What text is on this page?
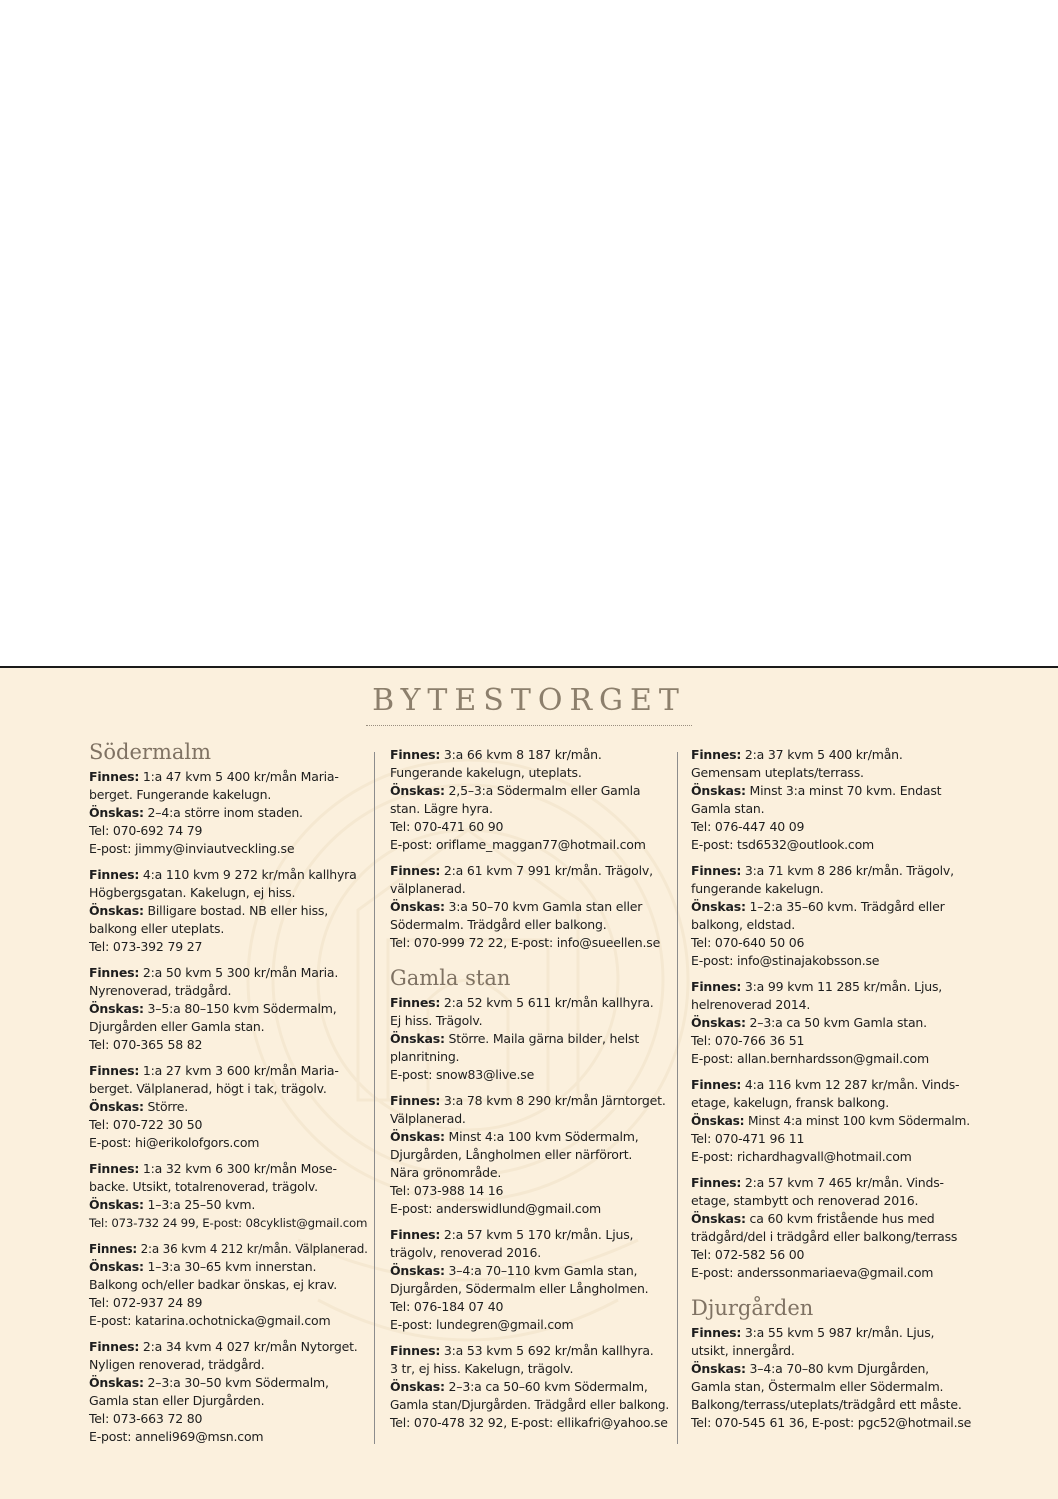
BYTESTORGET
Södermalm
Finnes: 1:a 47 kvm 5 400 kr/mån Maria-
berget. Fungerande kakelugn.
Önskas: 2–4:a större inom staden.
Tel: 070-692 74 79
E-post: jimmy@inviautveckling.se
Finnes: 4:a 110 kvm 9 272 kr/mån kallhyra
Högbergsgatan. Kakelugn, ej hiss.
Önskas: Billigare bostad. NB eller hiss,
balkong eller uteplats.
Tel: 073-392 79 27
Finnes: 2:a 50 kvm 5 300 kr/mån Maria.
Nyrenoverad, trädgård.
Önskas: 3–5:a 80–150 kvm Södermalm,
Djurgården eller Gamla stan.
Tel: 070-365 58 82
Finnes: 1:a 27 kvm 3 600 kr/mån Maria-
berget. Välplanerad, högt i tak, trägolv.
Önskas: Större.
Tel: 070-722 30 50
E-post: hi@erikolofgors.com
Finnes: 1:a 32 kvm 6 300 kr/mån Mose-
backe. Utsikt, totalrenoverad, trägolv.
Önskas: 1–3:a 25–50 kvm.
Tel: 073-732 24 99, E-post: 08cyklist@gmail.com
Finnes: 2:a 36 kvm 4 212 kr/mån. Välplanerad.
Önskas: 1–3:a 30–65 kvm innerstan.
Balkong och/eller badkar önskas, ej krav.
Tel: 072-937 24 89
E-post: katarina.ochotnicka@gmail.com
Finnes: 2:a 34 kvm 4 027 kr/mån Nytorget.
Nyligen renoverad, trädgård.
Önskas: 2–3:a 30–50 kvm Södermalm,
Gamla stan eller Djurgården.
Tel: 073-663 72 80
E-post: anneli969@msn.com
Finnes: 3:a 66 kvm 8 187 kr/mån.
Fungerande kakelugn, uteplats.
Önskas: 2,5–3:a Södermalm eller Gamla
stan. Lägre hyra.
Tel: 070-471 60 90
E-post: oriflame_maggan77@hotmail.com
Finnes: 2:a 61 kvm 7 991 kr/mån. Trägolv,
välplanerad.
Önskas: 3:a 50–70 kvm Gamla stan eller
Södermalm. Trädgård eller balkong.
Tel: 070-999 72 22, E-post: info@sueellen.se
Gamla stan
Finnes: 2:a 52 kvm 5 611 kr/mån kallhyra.
Ej hiss. Trägolv.
Önskas: Större. Maila gärna bilder, helst
planritning.
E-post: snow83@live.se
Finnes: 3:a 78 kvm 8 290 kr/mån Järntorget.
Välplanerad.
Önskas: Minst 4:a 100 kvm Södermalm,
Djurgården, Långholmen eller närförort.
Nära grönområde.
Tel: 073-988 14 16
E-post: anderswidlund@gmail.com
Finnes: 2:a 57 kvm 5 170 kr/mån. Ljus,
trägolv, renoverad 2016.
Önskas: 3–4:a 70–110 kvm Gamla stan,
Djurgården, Södermalm eller Långholmen.
Tel: 076-184 07 40
E-post: lundegren@gmail.com
Finnes: 3:a 53 kvm 5 692 kr/mån kallhyra.
3 tr, ej hiss. Kakelugn, trägolv.
Önskas: 2–3:a ca 50–60 kvm Södermalm,
Gamla stan/Djurgården. Trädgård eller balkong.
Tel: 070-478 32 92, E-post: ellikafri@yahoo.se
Finnes: 2:a 37 kvm 5 400 kr/mån.
Gemensam uteplats/terrass.
Önskas: Minst 3:a minst 70 kvm. Endast
Gamla stan.
Tel: 076-447 40 09
E-post: tsd6532@outlook.com
Finnes: 3:a 71 kvm 8 286 kr/mån. Trägolv,
fungerande kakelugn.
Önskas: 1–2:a 35–60 kvm. Trädgård eller
balkong, eldstad.
Tel: 070-640 50 06
E-post: info@stinajakobsson.se
Finnes: 3:a 99 kvm 11 285 kr/mån. Ljus,
helrenoverad 2014.
Önskas: 2–3:a ca 50 kvm Gamla stan.
Tel: 070-766 36 51
E-post: allan.bernhardsson@gmail.com
Finnes: 4:a 116 kvm 12 287 kr/mån. Vinds-
etage, kakelugn, fransk balkong.
Önskas: Minst 4:a minst 100 kvm Södermalm.
Tel: 070-471 96 11
E-post: richardhagvall@hotmail.com
Finnes: 2:a 57 kvm 7 465 kr/mån. Vinds-
etage, stambytt och renoverad 2016.
Önskas: ca 60 kvm fristående hus med
trädgård/del i trädgård eller balkong/terrass
Tel: 072-582 56 00
E-post: anderssonmariaeva@gmail.com
Djurgården
Finnes: 3:a 55 kvm 5 987 kr/mån. Ljus,
utsikt, innergård.
Önskas: 3–4:a 70–80 kvm Djurgården,
Gamla stan, Östermalm eller Södermalm.
Balkong/terrass/uteplats/trädgård ett måste.
Tel: 070-545 61 36, E-post: pgc52@hotmail.se
